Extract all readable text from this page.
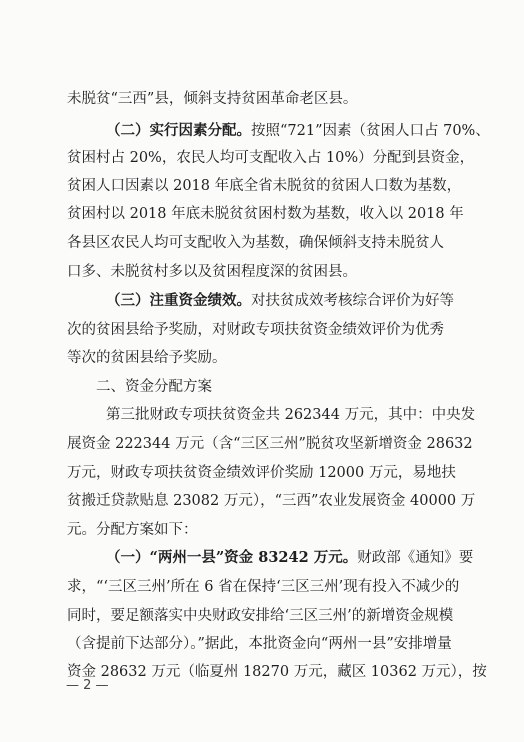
未脱贫“三西”县，倾斜支持贫困革命老区县。
（二）实行因素分配。按照“721”因素（贫困人口占 70%、
贫困村占 20%，农民人均可支配收入占 10%）分配到县资金，
贫困人口因素以 2018 年底全省未脱贫的贫困人口数为基数，
贫困村以 2018 年底未脱贫贫困村数为基数，收入以 2018 年
各县区农民人均可支配收入为基数，确保倾斜支持未脱贫人
口多、未脱贫村多以及贫困程度深的贫困县。
（三）注重资金绩效。对扶贫成效考核综合评价为好等
次的贫困县给予奖励，对财政专项扶贫资金绩效评价为优秀
等次的贫困县给予奖励。
二、资金分配方案
第三批财政专项扶贫资金共 262344 万元，其中：中央发
展资金 222344 万元（含“三区三州”脱贫攻坚新增资金 28632
万元，财政专项扶贫资金绩效评价奖励 12000 万元，易地扶
贫搬迁贷款贴息 23082 万元），“三西”农业发展资金 40000 万
元。分配方案如下：
（一）“两州一县”资金 83242 万元。财政部《通知》要
求，“‘三区三州’所在 6 省在保持‘三区三州’现有投入不减少的
同时，要足额落实中央财政安排给‘三区三州’的新增资金规模
（含提前下达部分）。”据此，本批资金向“两州一县”安排增量
资金 28632 万元（临夏州 18270 万元，藏区 10362 万元），按
— 2 —
